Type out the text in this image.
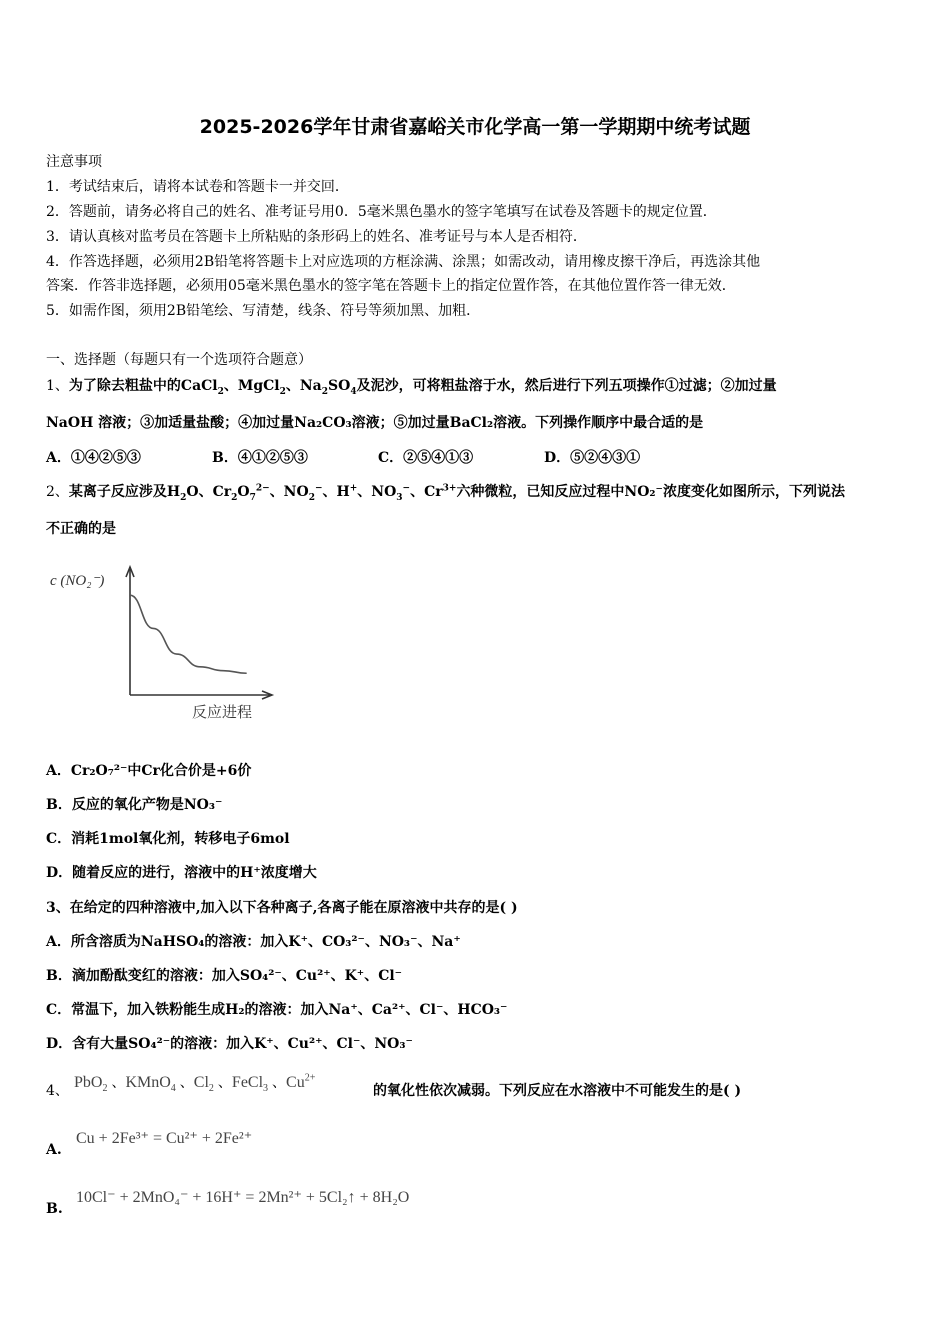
2025-2026学年甘肃省嘉峪关市化学高一第一学期期中统考试题
注意事项
1．考试结束后，请将本试卷和答题卡一并交回．
2．答题前，请务必将自己的姓名、准考证号用0．5毫米黑色墨水的签字笔填写在试卷及答题卡的规定位置．
3．请认真核对监考员在答题卡上所粘贴的条形码上的姓名、准考证号与本人是否相符．
4．作答选择题，必须用2B铅笔将答题卡上对应选项的方框涂满、涂黑；如需改动，请用橡皮擦干净后，再选涂其他
答案．作答非选择题，必须用05毫米黑色墨水的签字笔在答题卡上的指定位置作答，在其他位置作答一律无效．
5．如需作图，须用2B铅笔绘、写清楚，线条、符号等须加黑、加粗．
一、选择题（每题只有一个选项符合题意）
1、为了除去粗盐中的CaCl$_2$、MgCl$_2$、$Na_2SO_4$及泥沙，可将粗盐溶于水，然后进行下列五项操作①过滤；②加过量
NaOH 溶液；③加适量盐酸；④加过量Na₂CO₃溶液；⑤加过量BaCl₂溶液。下列操作顺序中最合适的是
A．①④②⑤③	B．④①②⑤③	C．②⑤④①③	D．⑤②④③①
2、某离子反应涉及$H_2O$、$Cr_2O_7^{2-}$、$NO_2^-$、H+、$NO_3^-$、$Cr^{3+}$六种微粒，已知反应过程中NO₂⁻浓度变化如图所示，下列说法
不正确的是
c (NO₂⁻)
反应进程
A．Cr₂O₇²⁻中Cr化合价是+6价
B．反应的氧化产物是NO₃⁻
C．消耗1mol氧化剂，转移电子6mol
D．随着反应的进行，溶液中的H⁺浓度增大
3、在给定的四种溶液中,加入以下各种离子,各离子能在原溶液中共存的是( )
A．所含溶质为NaHSO₄的溶液：加入K⁺、CO₃²⁻、NO₃⁻、Na⁺
B．滴加酚酞变红的溶液：加入SO₄²⁻、Cu²⁺、K⁺、Cl⁻
C．常温下，加入铁粉能生成H₂的溶液：加入Na⁺、Ca²⁺、Cl⁻、HCO₃⁻
D．含有大量SO₄²⁻的溶液：加入K⁺、Cu²⁺、Cl⁻、NO₃⁻
4、 PbO$_2$ 、KMnO$_4$ 、$Cl_2$ 、FeCl$_3$ 、$Cu^{2+}$
的氧化性依次减弱。下列反应在水溶液中不可能发生的是( )
A.
Cu + 2Fe³⁺ = Cu²⁺ + 2Fe²⁺
B.
10Cl⁻ + 2MnO₄⁻ + 16H⁺ = 2Mn²⁺ + 5Cl₂↑ + 8H₂O
